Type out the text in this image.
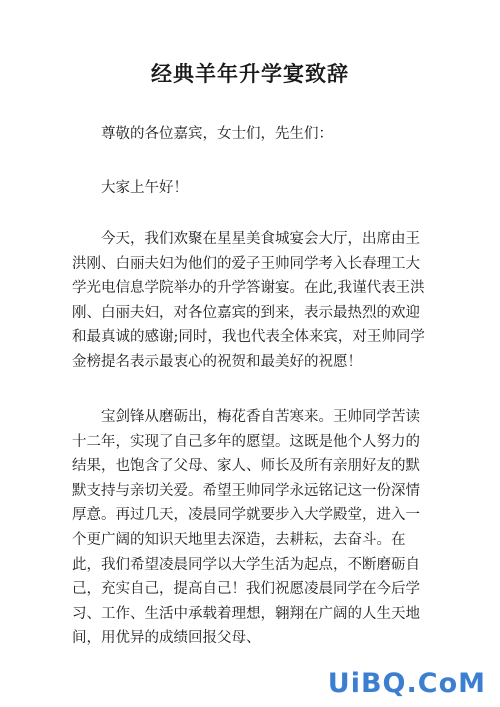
经典羊年升学宴致辞

尊敬的各位嘉宾，女士们，先生们：

大家上午好！

今天，我们欢聚在星星美食城宴会大厅，出席由王洪刚、白丽夫妇为他们的爱子王帅同学考入长春理工大学光电信息学院举办的升学答谢宴。在此,我谨代表王洪刚、白丽夫妇，对各位嘉宾的到来，表示最热烈的欢迎和最真诚的感谢;同时，我也代表全体来宾，对王帅同学金榜提名表示最衷心的祝贺和最美好的祝愿！

宝剑锋从磨砺出，梅花香自苦寒来。王帅同学苦读十二年，实现了自己多年的愿望。这既是他个人努力的结果，也饱含了父母、家人、师长及所有亲朋好友的默默支持与亲切关爱。希望王帅同学永远铭记这一份深情厚意。再过几天，凌晨同学就要步入大学殿堂，进入一个更广阔的知识天地里去深造，去耕耘，去奋斗。在此，我们希望凌晨同学以大学生活为起点，不断磨砺自己，充实自己，提高自己！我们祝愿凌晨同学在今后学习、工作、生活中承载着理想，翱翔在广阔的人生天地间，用优异的成绩回报父母、

UiBQ.CoM
